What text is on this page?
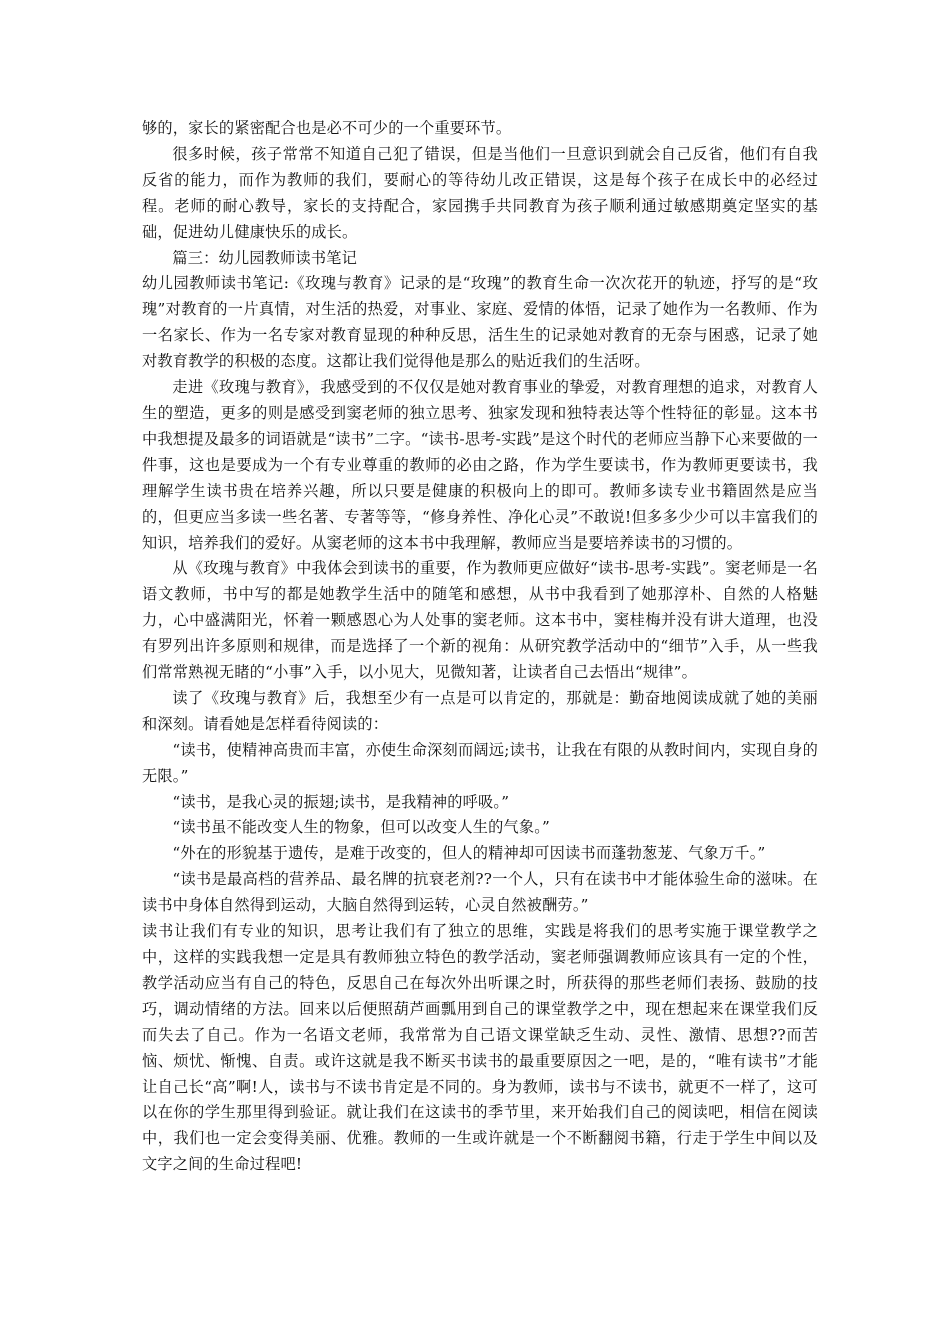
够的，家长的紧密配合也是必不可少的一个重要环节。

很多时候，孩子常常不知道自己犯了错误，但是当他们一旦意识到就会自己反省，他们有自我反省的能力，而作为教师的我们，要耐心的等待幼儿改正错误，这是每个孩子在成长中的必经过程。老师的耐心教导，家长的支持配合，家园携手共同教育为孩子顺利通过敏感期奠定坚实的基础，促进幼儿健康快乐的成长。

篇三：幼儿园教师读书笔记

幼儿园教师读书笔记:《玫瑰与教育》记录的是“玫瑰”的教育生命一次次花开的轨迹，抒写的是“玫瑰”对教育的一片真情，对生活的热爱，对事业、家庭、爱情的体悟，记录了她作为一名教师、作为一名家长、作为一名专家对教育显现的种种反思，活生生的记录她对教育的无奈与困惑，记录了她对教育教学的积极的态度。这都让我们觉得他是那么的贴近我们的生活呀。

走进《玫瑰与教育》，我感受到的不仅仅是她对教育事业的挚爱，对教育理想的追求，对教育人生的塑造，更多的则是感受到窦老师的独立思考、独家发现和独特表达等个性特征的彰显。这本书中我想提及最多的词语就是“读书”二字。“读书-思考-实践”是这个时代的老师应当静下心来要做的一件事，这也是要成为一个有专业尊重的教师的必由之路，作为学生要读书，作为教师更要读书，我理解学生读书贵在培养兴趣，所以只要是健康的积极向上的即可。教师多读专业书籍固然是应当的，但更应当多读一些名著、专著等等，“修身养性、净化心灵”不敢说!但多多少少可以丰富我们的知识，培养我们的爱好。从窦老师的这本书中我理解，教师应当是要培养读书的习惯的。

从《玫瑰与教育》中我体会到读书的重要，作为教师更应做好“读书-思考-实践”。窦老师是一名语文教师，书中写的都是她教学生活中的随笔和感想，从书中我看到了她那淳朴、自然的人格魅力，心中盛满阳光，怀着一颗感恩心为人处事的窦老师。这本书中，窦桂梅并没有讲大道理，也没有罗列出许多原则和规律，而是选择了一个新的视角：从研究教学活动中的“细节”入手，从一些我们常常熟视无睹的“小事”入手，以小见大，见微知著，让读者自己去悟出“规律”。

读了《玫瑰与教育》后，我想至少有一点是可以肯定的，那就是：勤奋地阅读成就了她的美丽和深刻。请看她是怎样看待阅读的：

“读书，使精神高贵而丰富，亦使生命深刻而阔远;读书，让我在有限的从教时间内，实现自身的无限。”

“读书，是我心灵的振翅;读书，是我精神的呼吸。”

“读书虽不能改变人生的物象，但可以改变人生的气象。”

“外在的形貌基于遗传，是难于改变的，但人的精神却可因读书而蓬勃葱茏、气象万千。”

“读书是最高档的营养品、最名牌的抗衰老剂??一个人，只有在读书中才能体验生命的滋味。在读书中身体自然得到运动，大脑自然得到运转，心灵自然被酬劳。”

读书让我们有专业的知识，思考让我们有了独立的思维，实践是将我们的思考实施于课堂教学之中，这样的实践我想一定是具有教师独立特色的教学活动，窦老师强调教师应该具有一定的个性，教学活动应当有自己的特色，反思自己在每次外出听课之时，所获得的那些老师们表扬、鼓励的技巧，调动情绪的方法。回来以后便照葫芦画瓢用到自己的课堂教学之中，现在想起来在课堂我们反而失去了自己。作为一名语文老师，我常常为自己语文课堂缺乏生动、灵性、激情、思想??而苦恼、烦忧、惭愧、自责。或许这就是我不断买书读书的最重要原因之一吧，是的，“唯有读书”才能让自己长“高”啊!人，读书与不读书肯定是不同的。身为教师，读书与不读书，就更不一样了，这可以在你的学生那里得到验证。就让我们在这读书的季节里，来开始我们自己的阅读吧，相信在阅读中，我们也一定会变得美丽、优雅。教师的一生或许就是一个不断翻阅书籍，行走于学生中间以及文字之间的生命过程吧!
